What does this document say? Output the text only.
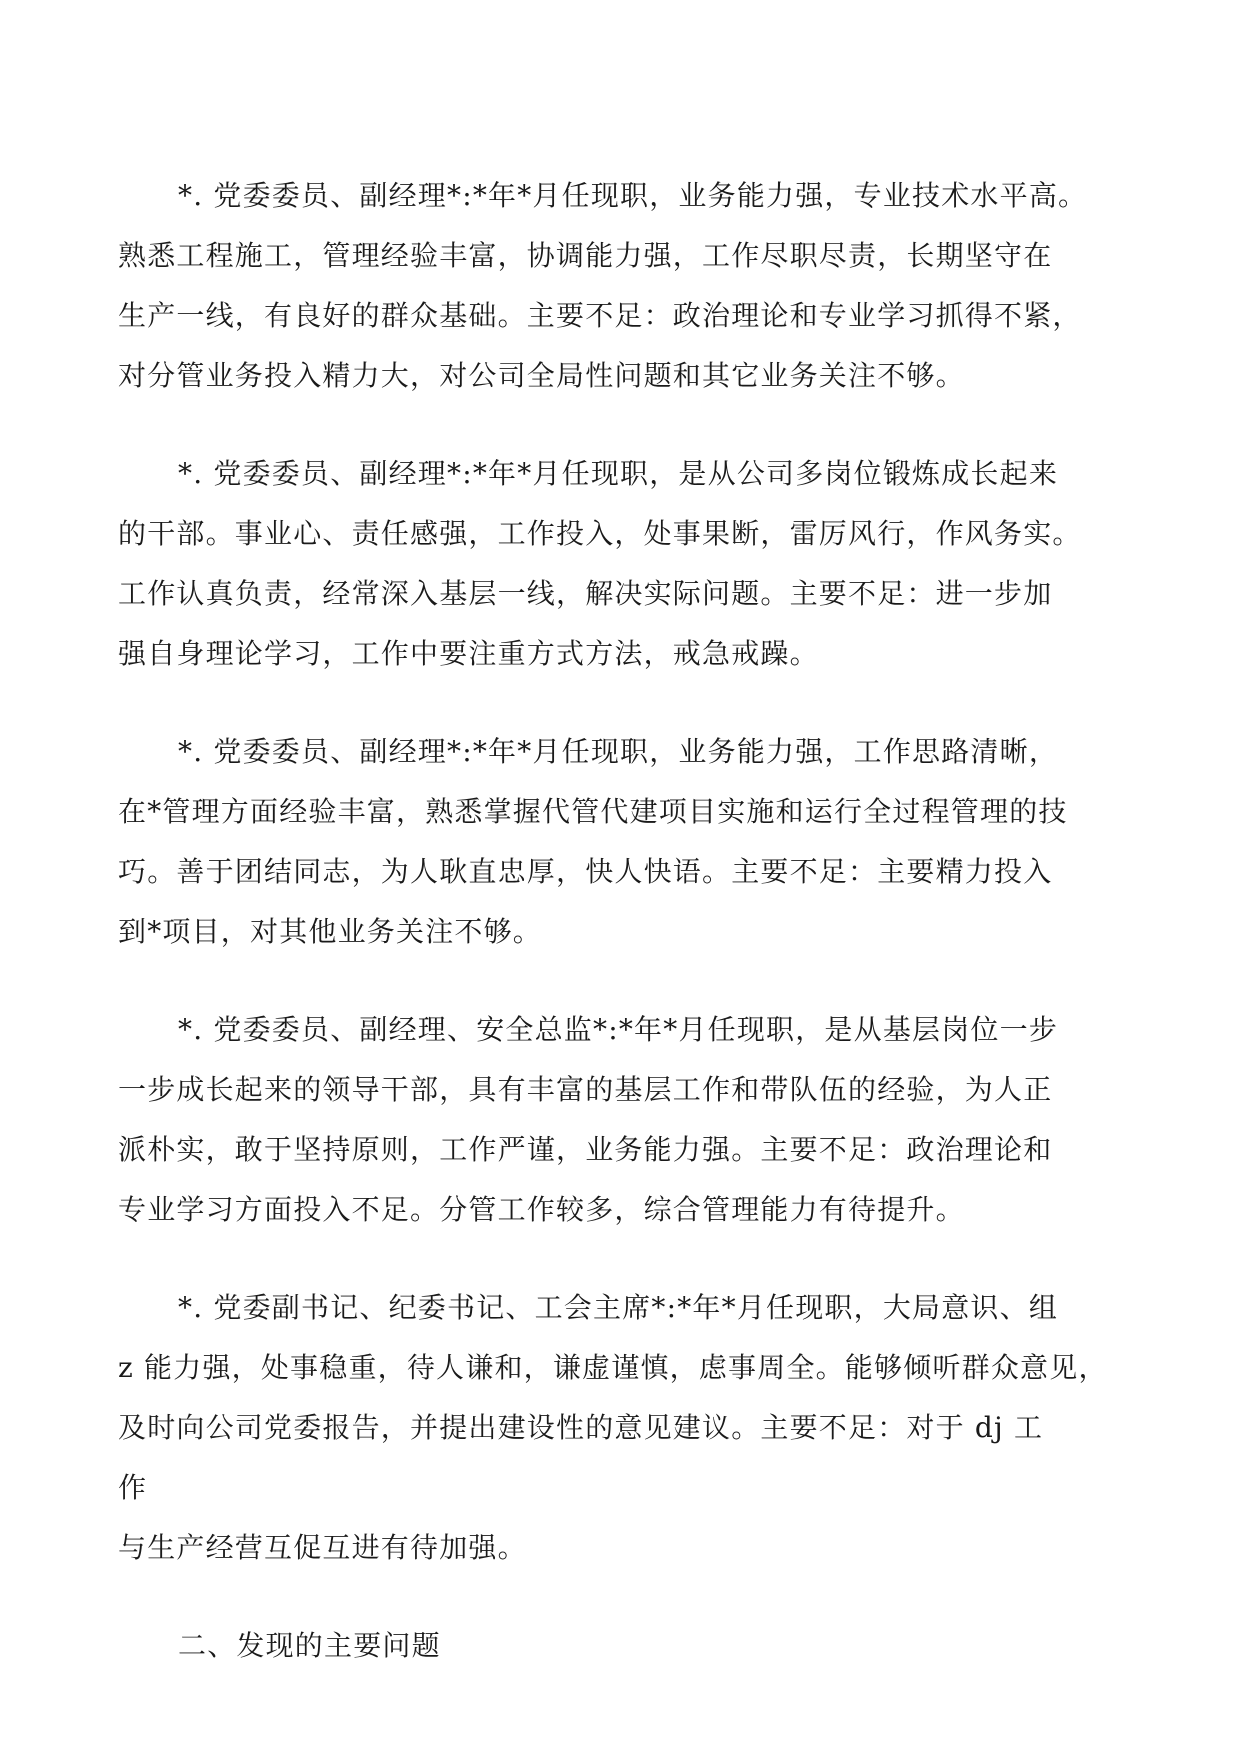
*. 党委委员、副经理*:*年*月任现职，业务能力强，专业技术水平高。
熟悉工程施工，管理经验丰富，协调能力强，工作尽职尽责，长期坚守在
生产一线，有良好的群众基础。主要不足：政治理论和专业学习抓得不紧，
对分管业务投入精力大，对公司全局性问题和其它业务关注不够。
*. 党委委员、副经理*:*年*月任现职，是从公司多岗位锻炼成长起来
的干部。事业心、责任感强，工作投入，处事果断，雷厉风行，作风务实。
工作认真负责，经常深入基层一线，解决实际问题。主要不足：进一步加
强自身理论学习，工作中要注重方式方法，戒急戒躁。
*. 党委委员、副经理*:*年*月任现职，业务能力强，工作思路清晰，
在*管理方面经验丰富，熟悉掌握代管代建项目实施和运行全过程管理的技
巧。善于团结同志，为人耿直忠厚，快人快语。主要不足：主要精力投入
到*项目，对其他业务关注不够。
*. 党委委员、副经理、安全总监*:*年*月任现职，是从基层岗位一步
一步成长起来的领导干部，具有丰富的基层工作和带队伍的经验，为人正
派朴实，敢于坚持原则，工作严谨，业务能力强。主要不足：政治理论和
专业学习方面投入不足。分管工作较多，综合管理能力有待提升。
*. 党委副书记、纪委书记、工会主席*:*年*月任现职，大局意识、组
z 能力强，处事稳重，待人谦和，谦虚谨慎，虑事周全。能够倾听群众意见，
及时向公司党委报告，并提出建设性的意见建议。主要不足：对于 dj 工
作
与生产经营互促互进有待加强。
二、发现的主要问题
